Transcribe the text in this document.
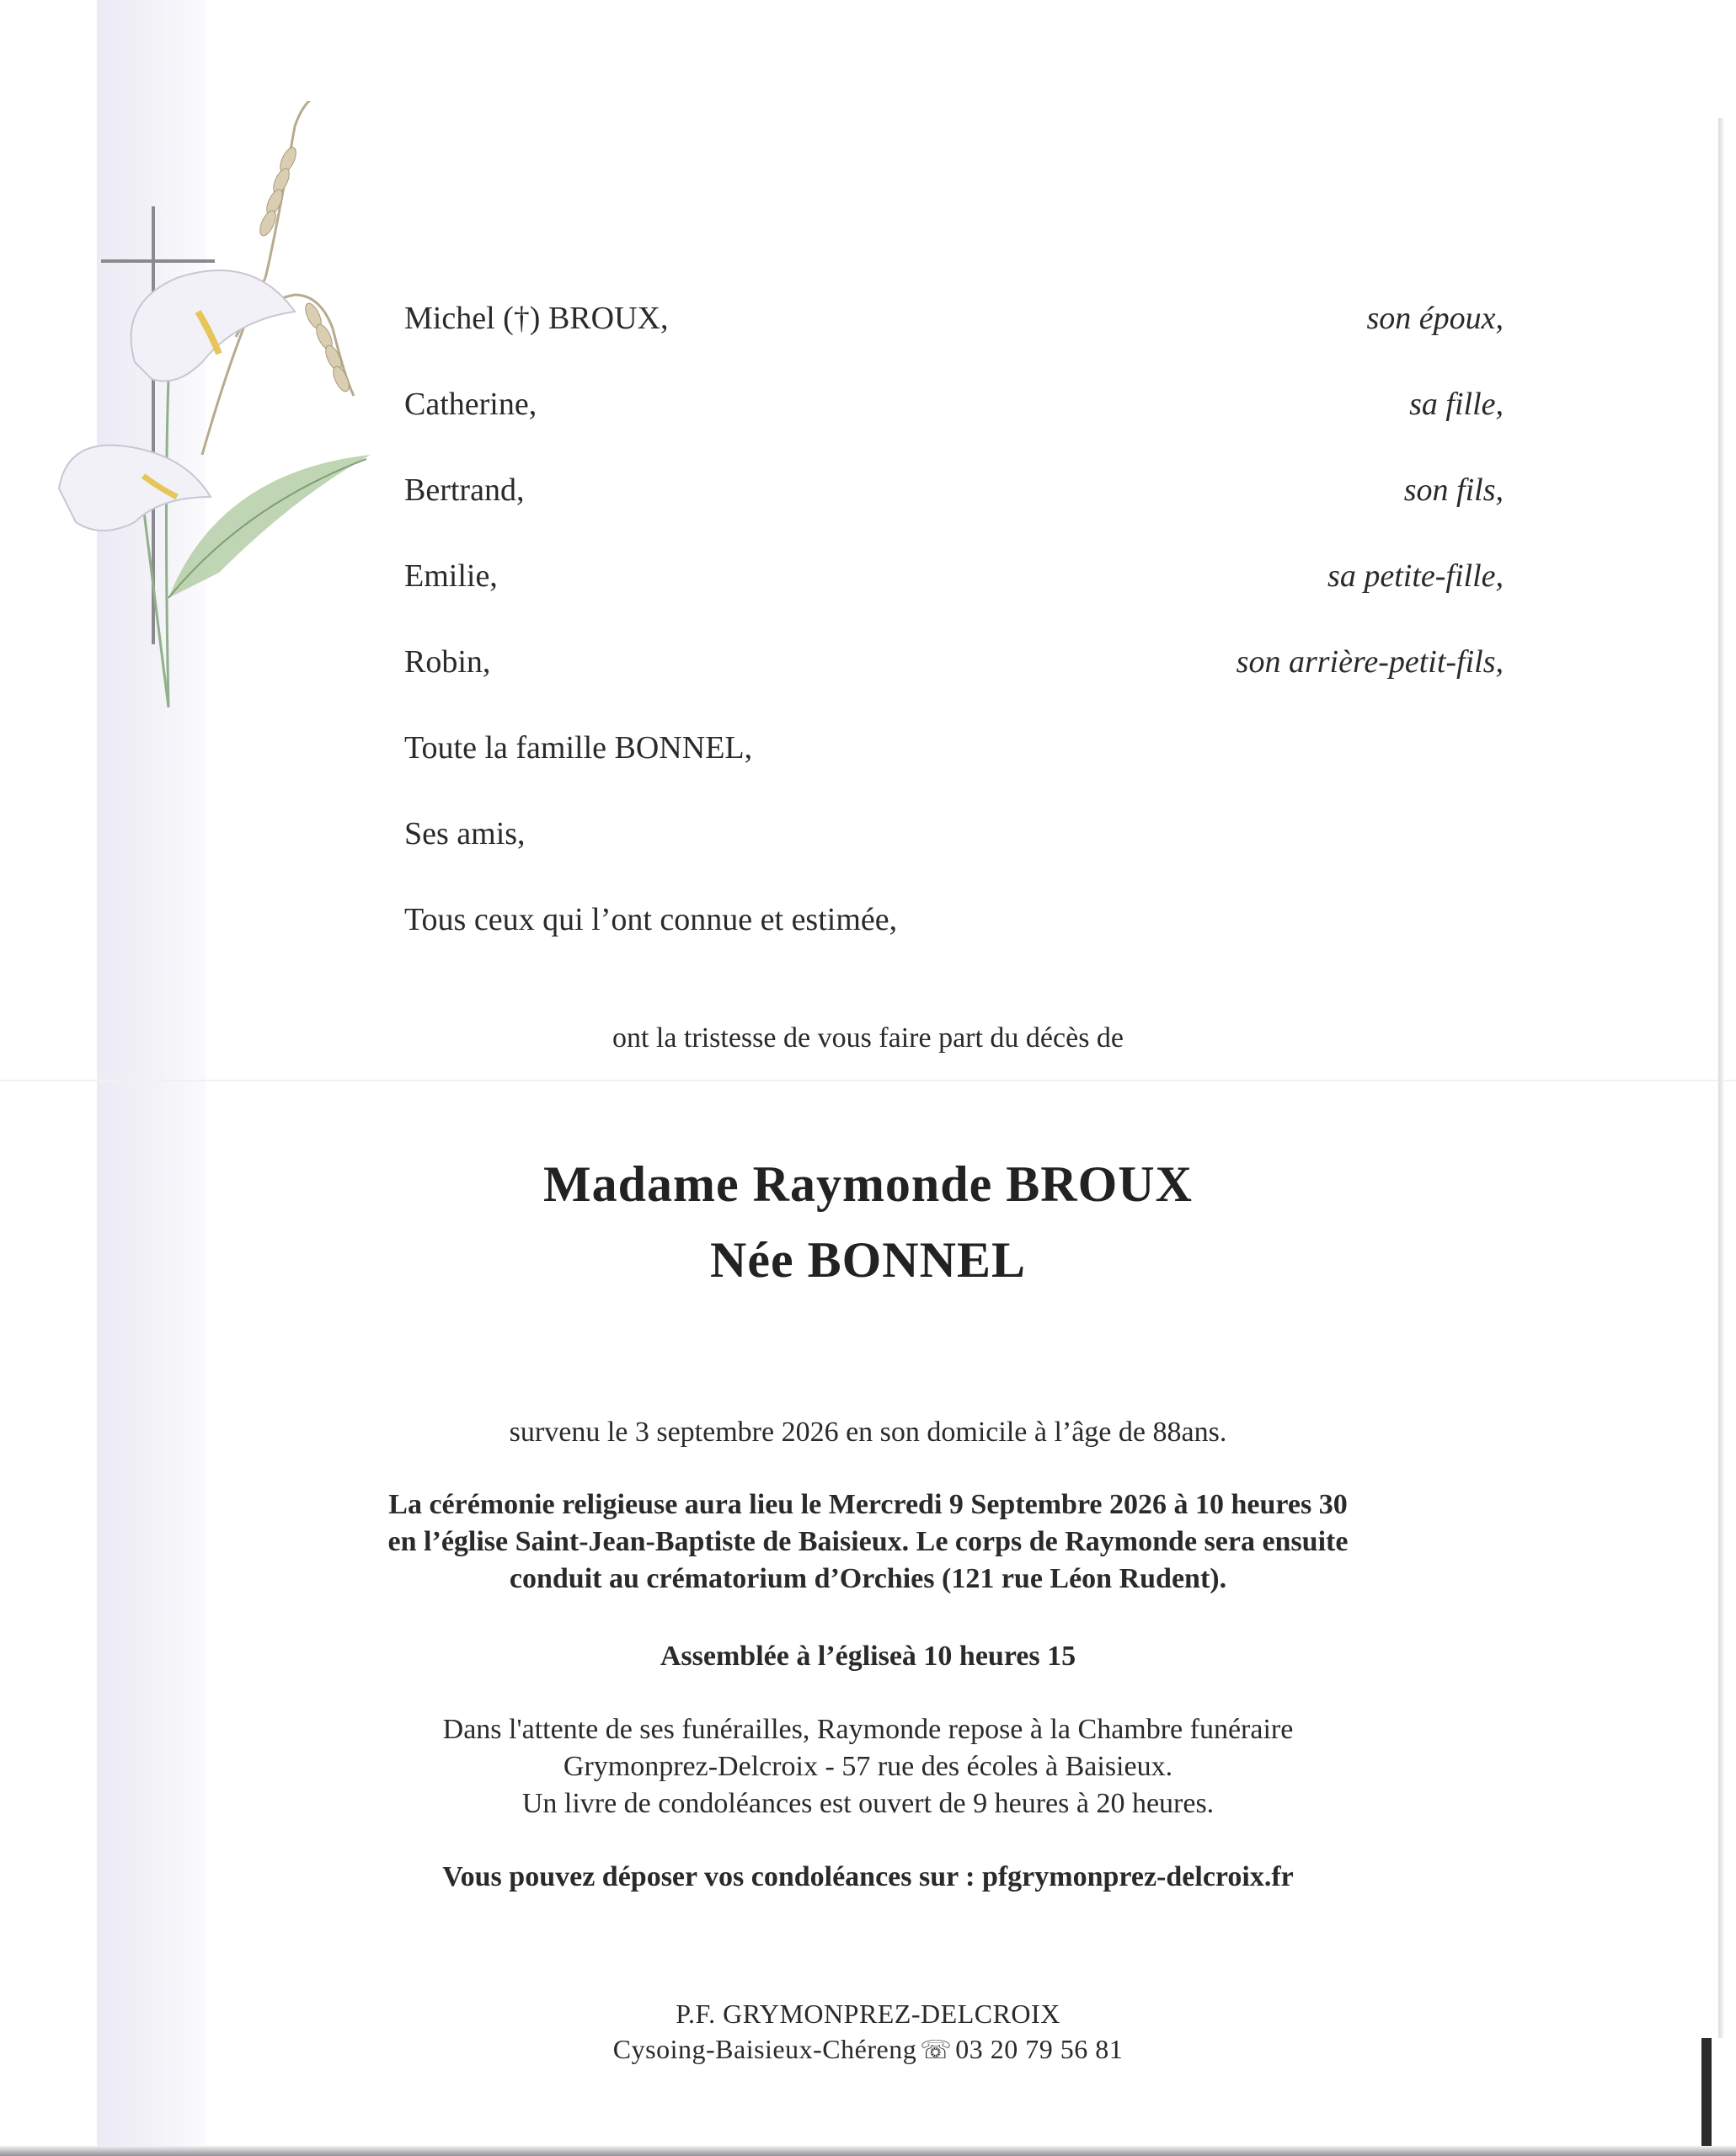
Michel (†) BROUX,	son époux,
Catherine,	sa fille,
Bertrand,	son fils,
Emilie,	sa petite-fille,
Robin,	son arrière-petit-fils,
Toute la famille BONNEL,
Ses amis,
Tous ceux qui l’ont connue et estimée,
ont la tristesse de vous faire part du décès de
Madame Raymonde BROUX
Née BONNEL
survenu le 3 septembre 2026 en son domicile à l’âge de 88ans.
La cérémonie religieuse aura lieu le Mercredi 9 Septembre 2026 à 10 heures 30
en l’église Saint-Jean-Baptiste de Baisieux. Le corps de Raymonde sera ensuite
conduit au crématorium d’Orchies (121 rue Léon Rudent).
Assemblée à l’égliseà 10 heures 15
Dans l'attente de ses funérailles, Raymonde repose à la Chambre funéraire
Grymonprez-Delcroix - 57 rue des écoles à Baisieux.
Un livre de condoléances est ouvert de 9 heures à 20 heures.
Vous pouvez déposer vos condoléances sur : pfgrymonprez-delcroix.fr
P.F. GRYMONPREZ-DELCROIX
Cysoing-Baisieux-Chéreng ☏ 03 20 79 56 81
